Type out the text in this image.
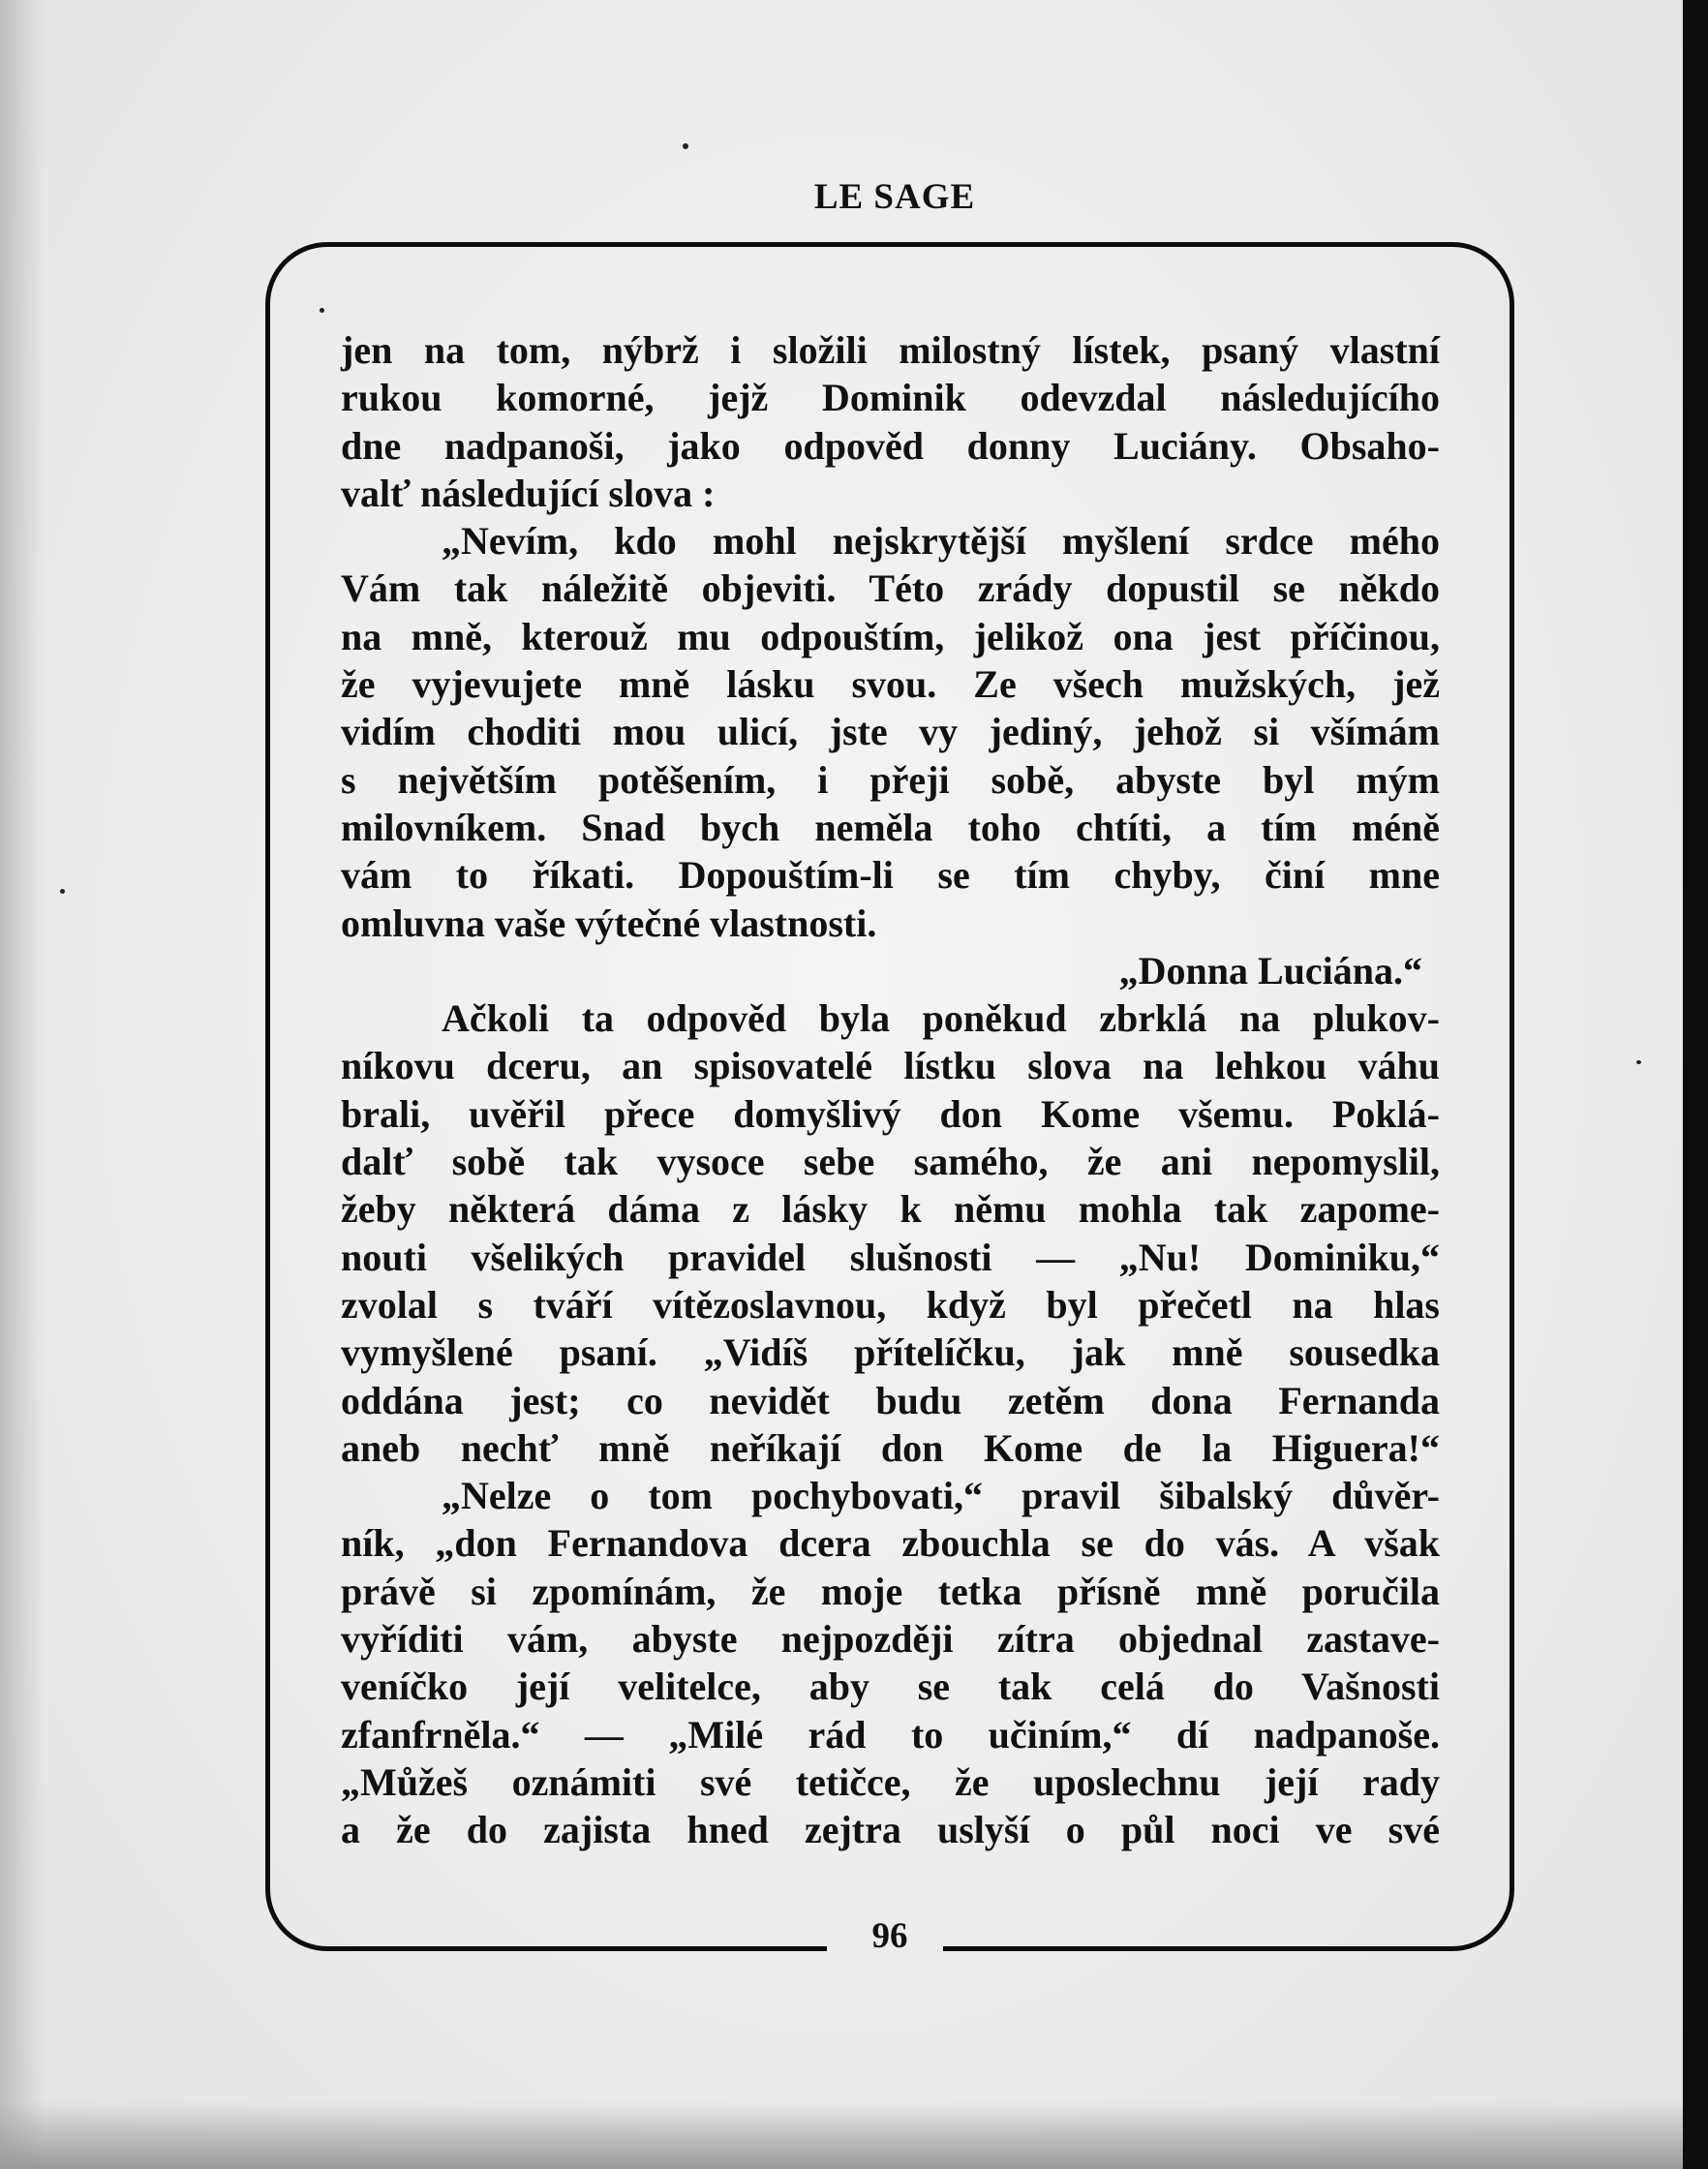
LE SAGE
jen na tom, nýbrž i složili milostný lístek, psaný vlastní
rukou komorné, jejž Dominik odevzdal následujícího
dne nadpanoši, jako odpověd donny Luciány. Obsaho-
valť následující slova :
„Nevím, kdo mohl nejskrytější myšlení srdce mého
Vám tak náležitě objeviti. Této zrády dopustil se někdo
na mně, kterouž mu odpouštím, jelikož ona jest příčinou,
že vyjevujete mně lásku svou. Ze všech mužských, jež
vidím choditi mou ulicí, jste vy jediný, jehož si všímám
s největším potěšením, i přeji sobě, abyste byl mým
milovníkem. Snad bych neměla toho chtíti, a tím méně
vám to říkati. Dopouštím-li se tím chyby, činí mne
omluvna vaše výtečné vlastnosti.
„Donna Luciána.“
Ačkoli ta odpověd byla poněkud zbrklá na plukov-
níkovu dceru, an spisovatelé lístku slova na lehkou váhu
brali, uvěřil přece domyšlivý don Kome všemu. Poklá-
dalť sobě tak vysoce sebe samého, že ani nepomyslil,
žeby některá dáma z lásky k němu mohla tak zapome-
nouti všelikých pravidel slušnosti — „Nu! Dominiku,“
zvolal s tváří vítězoslavnou, když byl přečetl na hlas
vymyšlené psaní. „Vidíš přítelíčku, jak mně sousedka
oddána jest; co nevidět budu zetěm dona Fernanda
aneb nechť mně neříkají don Kome de la Higuera!“
„Nelze o tom pochybovati,“ pravil šibalský důvěr-
ník, „don Fernandova dcera zbouchla se do vás. A však
právě si zpomínám, že moje tetka přísně mně poručila
vyříditi vám, abyste nejpozději zítra objednal zastave-
veníčko její velitelce, aby se tak celá do Vašnosti
zfanfrněla.“ — „Milé rád to učiním,“ dí nadpanoše.
„Můžeš oznámiti své tetičce, že uposlechnu její rady
a že do zajista hned zejtra uslyší o půl noci ve své
96
